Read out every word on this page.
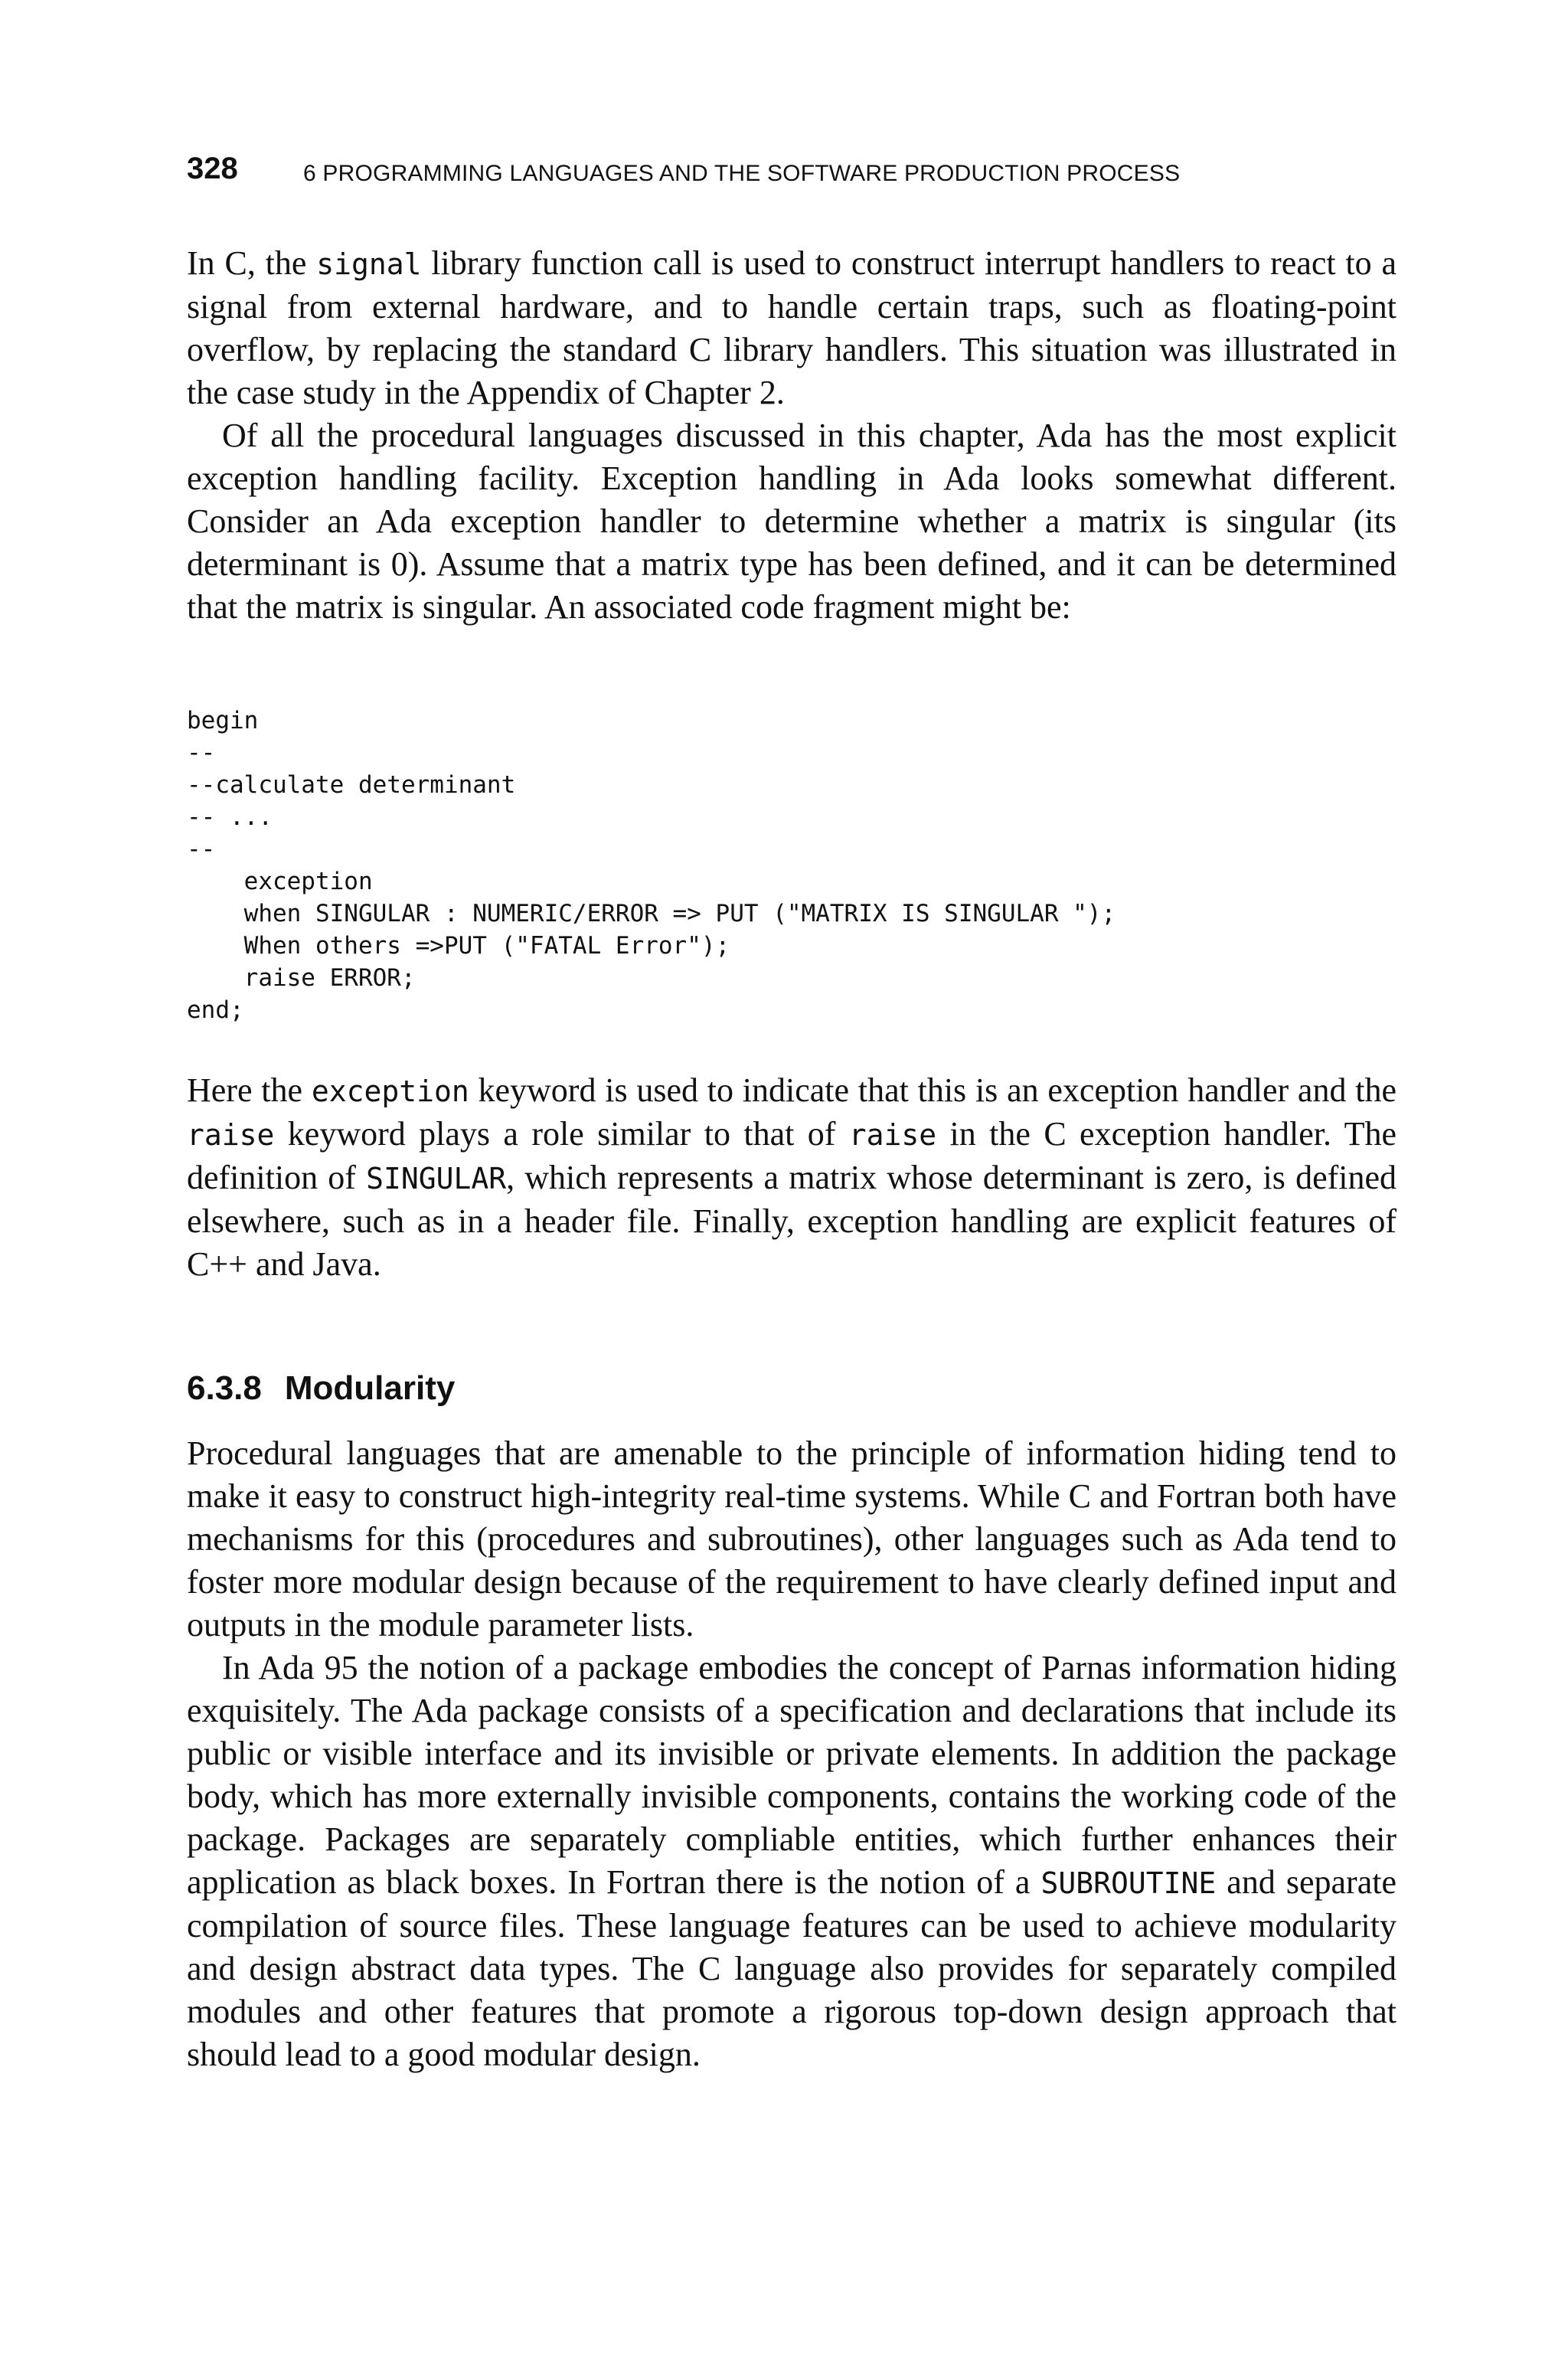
328	6 PROGRAMMING LANGUAGES AND THE SOFTWARE PRODUCTION PROCESS

In C, the signal library function call is used to construct interrupt handlers to react to a signal from external hardware, and to handle certain traps, such as floating-point overflow, by replacing the standard C library handlers. This situation was illustrated in the case study in the Appendix of Chapter 2.

Of all the procedural languages discussed in this chapter, Ada has the most explicit exception handling facility. Exception handling in Ada looks somewhat different. Consider an Ada exception handler to determine whether a matrix is singular (its determinant is 0). Assume that a matrix type has been defined, and it can be determined that the matrix is singular. An associated code fragment might be:

begin
--
--calculate determinant
-- ...
--
exception
when SINGULAR : NUMERIC/ERROR => PUT ("MATRIX IS SINGULAR ");
When others =>PUT ("FATAL Error");
raise ERROR;
end;

Here the exception keyword is used to indicate that this is an exception handler and the raise keyword plays a role similar to that of raise in the C exception handler. The definition of SINGULAR, which represents a matrix whose determinant is zero, is defined elsewhere, such as in a header file. Finally, exception handling are explicit features of C++ and Java.

6.3.8 Modularity

Procedural languages that are amenable to the principle of information hiding tend to make it easy to construct high-integrity real-time systems. While C and Fortran both have mechanisms for this (procedures and subroutines), other languages such as Ada tend to foster more modular design because of the requirement to have clearly defined input and outputs in the module parameter lists.

In Ada 95 the notion of a package embodies the concept of Parnas information hiding exquisitely. The Ada package consists of a specification and declarations that include its public or visible interface and its invisible or private elements. In addition the package body, which has more externally invisible components, contains the working code of the package. Packages are separately compliable entities, which further enhances their application as black boxes. In Fortran there is the notion of a SUBROUTINE and separate compilation of source files. These language features can be used to achieve modularity and design abstract data types. The C language also provides for separately compiled modules and other features that promote a rigorous top-down design approach that should lead to a good modular design.
